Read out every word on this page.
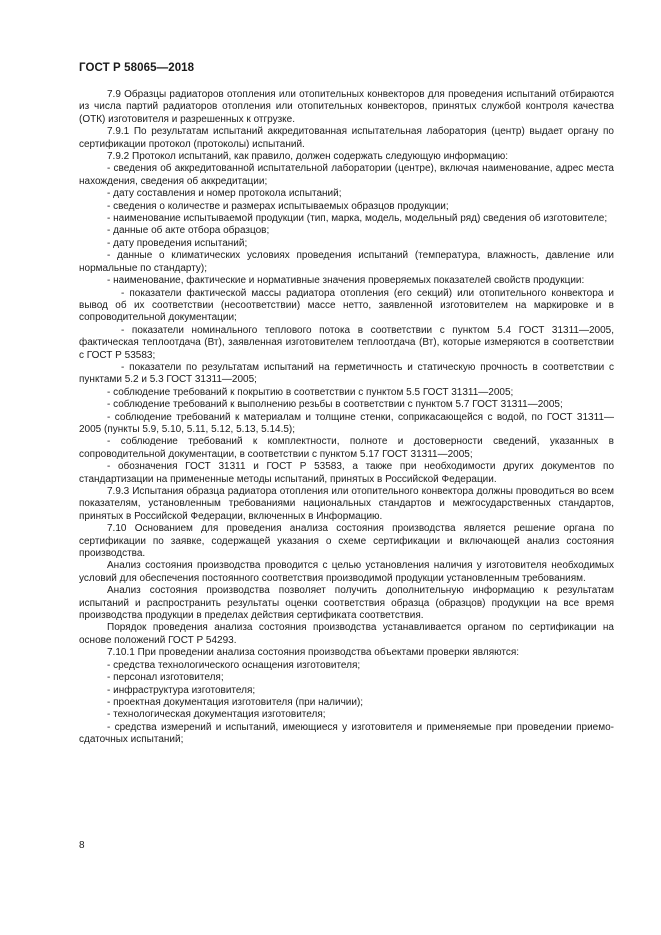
ГОСТ Р 58065—2018

7.9 Образцы радиаторов отопления или отопительных конвекторов для проведения испытаний отбираются из числа партий радиаторов отопления или отопительных конвекторов, принятых службой контроля качества (ОТК) изготовителя и разрешенных к отгрузке.

7.9.1 По результатам испытаний аккредитованная испытательная лаборатория (центр) выдает органу по сертификации протокол (протоколы) испытаний.

7.9.2 Протокол испытаний, как правило, должен содержать следующую информацию:

- сведения об аккредитованной испытательной лаборатории (центре), включая наименование, адрес места нахождения, сведения об аккредитации;

- дату составления и номер протокола испытаний;

- сведения о количестве и размерах испытываемых образцов продукции;

- наименование испытываемой продукции (тип, марка, модель, модельный ряд) сведения об изготовителе;

- данные об акте отбора образцов;

- дату проведения испытаний;

- данные о климатических условиях проведения испытаний (температура, влажность, давление или нормальные по стандарту);

- наименование, фактические и нормативные значения проверяемых показателей свойств продукции:

- показатели фактической массы радиатора отопления (его секций) или отопительного конвектора и вывод об их соответствии (несоответствии) массе нетто, заявленной изготовителем на маркировке и в сопроводительной документации;

- показатели номинального теплового потока в соответствии с пунктом 5.4 ГОСТ 31311—2005, фактическая теплоотдача (Вт), заявленная изготовителем теплоотдача (Вт), которые измеряются в соответствии с ГОСТ Р 53583;

- показатели по результатам испытаний на герметичность и статическую прочность в соответствии с пунктами 5.2 и 5.3 ГОСТ 31311—2005;

- соблюдение требований к покрытию в соответствии с пунктом 5.5 ГОСТ 31311—2005;

- соблюдение требований к выполнению резьбы в соответствии с пунктом 5.7 ГОСТ 31311—2005;

- соблюдение требований к материалам и толщине стенки, соприкасающейся с водой, по ГОСТ 31311—2005 (пункты 5.9, 5.10, 5.11, 5.12, 5.13, 5.14.5);

- соблюдение требований к комплектности, полноте и достоверности сведений, указанных в сопроводительной документации, в соответствии с пунктом 5.17 ГОСТ 31311—2005;

- обозначения ГОСТ 31311 и ГОСТ Р 53583, а также при необходимости других документов по стандартизации на примененные методы испытаний, принятых в Российской Федерации.

7.9.3 Испытания образца радиатора отопления или отопительного конвектора должны проводиться во всем показателям, установленным требованиями национальных стандартов и межгосударственных стандартов, принятых в Российской Федерации, включенных в Информацию.

7.10 Основанием для проведения анализа состояния производства является решение органа по сертификации по заявке, содержащей указания о схеме сертификации и включающей анализ состояния производства.

Анализ состояния производства проводится с целью установления наличия у изготовителя необходимых условий для обеспечения постоянного соответствия производимой продукции установленным требованиям.

Анализ состояния производства позволяет получить дополнительную информацию к результатам испытаний и распространить результаты оценки соответствия образца (образцов) продукции на все время производства продукции в пределах действия сертификата соответствия.

Порядок проведения анализа состояния производства устанавливается органом по сертификации на основе положений ГОСТ Р 54293.

7.10.1 При проведении анализа состояния производства объектами проверки являются:

- средства технологического оснащения изготовителя;

- персонал изготовителя;

- инфраструктура изготовителя;

- проектная документация изготовителя (при наличии);

- технологическая документация изготовителя;

- средства измерений и испытаний, имеющиеся у изготовителя и применяемые при проведении приемо-сдаточных испытаний;

8
